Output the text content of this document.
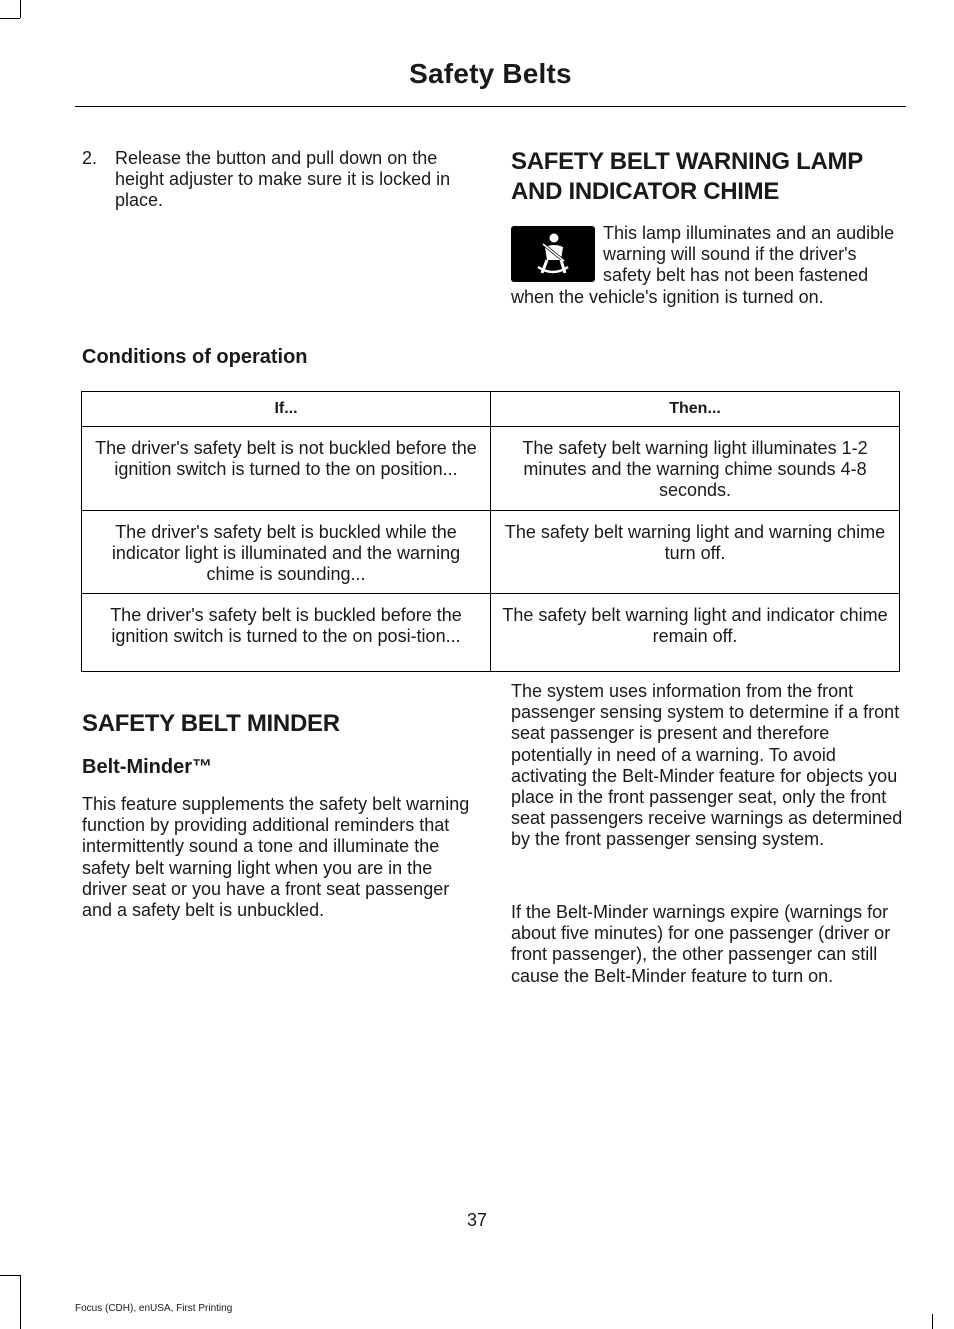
Safety Belts
2. Release the button and pull down on the height adjuster to make sure it is locked in place.
SAFETY BELT WARNING LAMP AND INDICATOR CHIME
This lamp illuminates and an audible warning will sound if the driver's safety belt has not been fastened when the vehicle's ignition is turned on.
Conditions of operation
If...	Then...
The driver's safety belt is not buckled before the ignition switch is turned to the on position...	The safety belt warning light illuminates 1-2 minutes and the warning chime sounds 4-8 seconds.
The driver's safety belt is buckled while the indicator light is illuminated and the warning chime is sounding...	The safety belt warning light and warning chime turn off.
The driver's safety belt is buckled before the ignition switch is turned to the on posi-tion...	The safety belt warning light and indicator chime remain off.
SAFETY BELT MINDER
Belt-Minder™

This feature supplements the safety belt warning function by providing additional reminders that intermittently sound a tone and illuminate the safety belt warning light when you are in the driver seat or you have a front seat passenger and a safety belt is unbuckled.

The system uses information from the front passenger sensing system to determine if a front seat passenger is present and therefore potentially in need of a warning. To avoid activating the Belt-Minder feature for objects you place in the front passenger seat, only the front seat passengers receive warnings as determined by the front passenger sensing system.

If the Belt-Minder warnings expire (warnings for about five minutes) for one passenger (driver or front passenger), the other passenger can still cause the Belt-Minder feature to turn on.

37
Focus (CDH), enUSA, First Printing
